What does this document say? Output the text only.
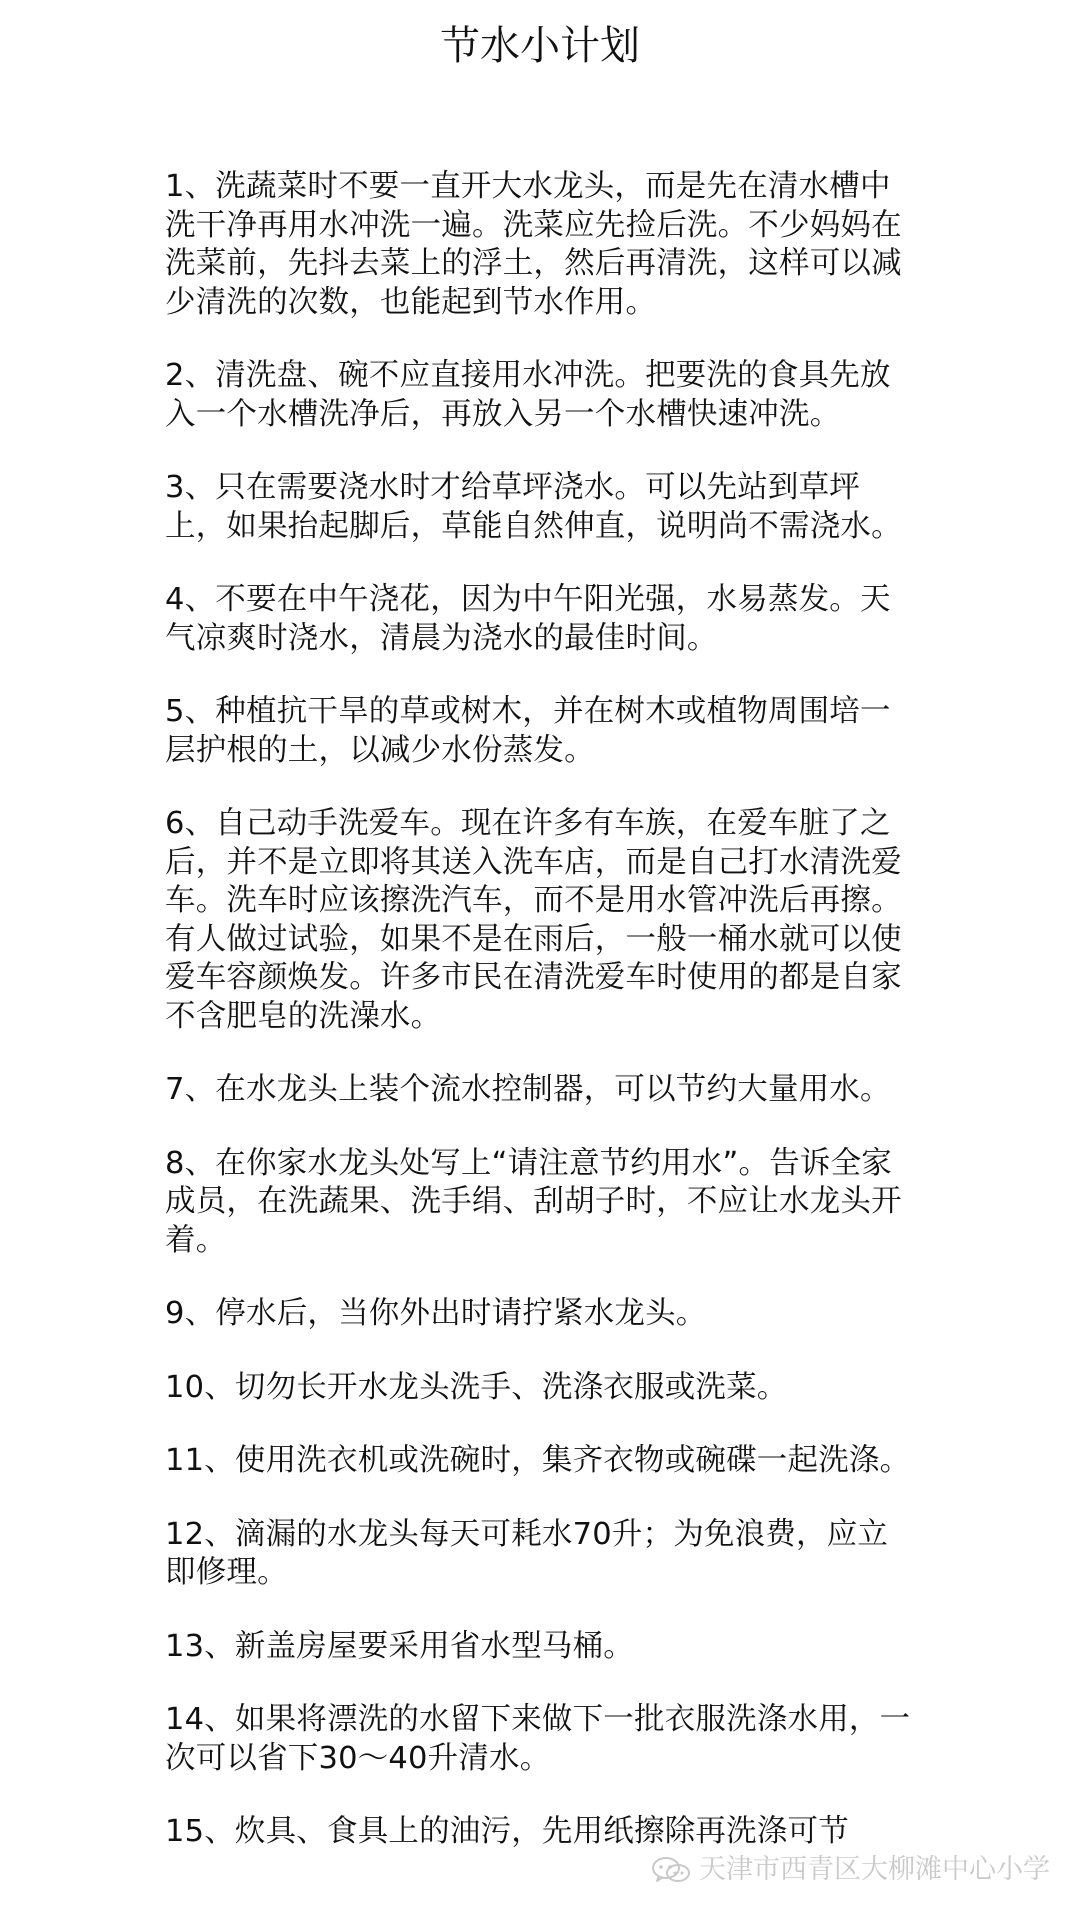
节水小计划

1、洗蔬菜时不要一直开大水龙头，而是先在清水槽中洗干净再用水冲洗一遍。洗菜应先捡后洗。不少妈妈在洗菜前，先抖去菜上的浮土，然后再清洗，这样可以减少清洗的次数，也能起到节水作用。

2、清洗盘、碗不应直接用水冲洗。把要洗的食具先放入一个水槽洗净后，再放入另一个水槽快速冲洗。

3、只在需要浇水时才给草坪浇水。可以先站到草坪上，如果抬起脚后，草能自然伸直，说明尚不需浇水。

4、不要在中午浇花，因为中午阳光强，水易蒸发。天气凉爽时浇水，清晨为浇水的最佳时间。

5、种植抗干旱的草或树木，并在树木或植物周围培一层护根的土，以减少水份蒸发。

6、自己动手洗爱车。现在许多有车族，在爱车脏了之后，并不是立即将其送入洗车店，而是自己打水清洗爱车。洗车时应该擦洗汽车，而不是用水管冲洗后再擦。有人做过试验，如果不是在雨后，一般一桶水就可以使爱车容颜焕发。许多市民在清洗爱车时使用的都是自家不含肥皂的洗澡水。

7、在水龙头上装个流水控制器，可以节约大量用水。

8、在你家水龙头处写上“请注意节约用水”。告诉全家成员，在洗蔬果、洗手绢、刮胡子时，不应让水龙头开着。

9、停水后，当你外出时请拧紧水龙头。

10、切勿长开水龙头洗手、洗涤衣服或洗菜。

11、使用洗衣机或洗碗时，集齐衣物或碗碟一起洗涤。

12、滴漏的水龙头每天可耗水70升；为免浪费，应立即修理。

13、新盖房屋要采用省水型马桶。

14、如果将漂洗的水留下来做下一批衣服洗涤水用，一次可以省下30～40升清水。

15、炊具、食具上的油污，先用纸擦除再洗涤可节

天津市西青区大柳滩中心小学
